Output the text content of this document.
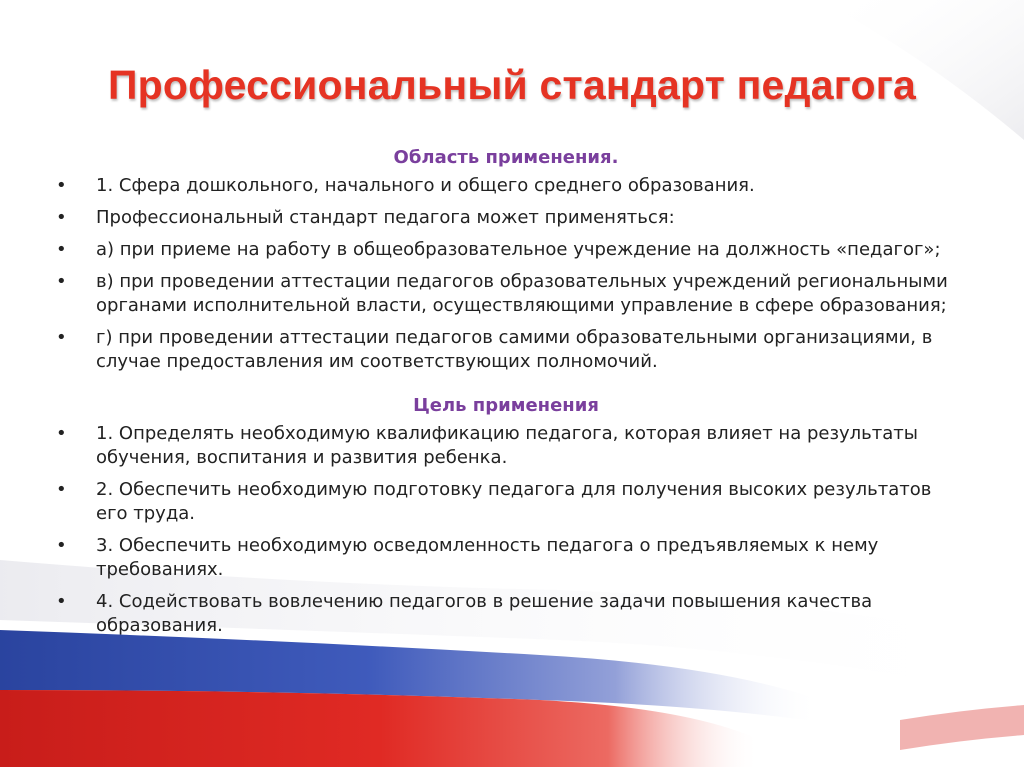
Профессиональный стандарт педагога
Область применения.
• 1. Сфера дошкольного, начального и общего среднего образования.
• Профессиональный стандарт педагога может применяться:
• а) при приеме на работу в общеобразовательное учреждение на должность «педагог»;
• в) при проведении аттестации педагогов образовательных учреждений региональными органами исполнительной власти, осуществляющими управление в сфере образования;
• г) при проведении аттестации педагогов самими образовательными организациями, в случае предоставления им соответствующих полномочий.
Цель применения
• 1. Определять необходимую квалификацию педагога, которая влияет на результаты обучения, воспитания и развития ребенка.
• 2. Обеспечить необходимую подготовку педагога для получения высоких результатов его труда.
• 3. Обеспечить необходимую осведомленность педагога о предъявляемых к нему требованиях.
• 4. Содействовать вовлечению педагогов в решение задачи повышения качества образования.
